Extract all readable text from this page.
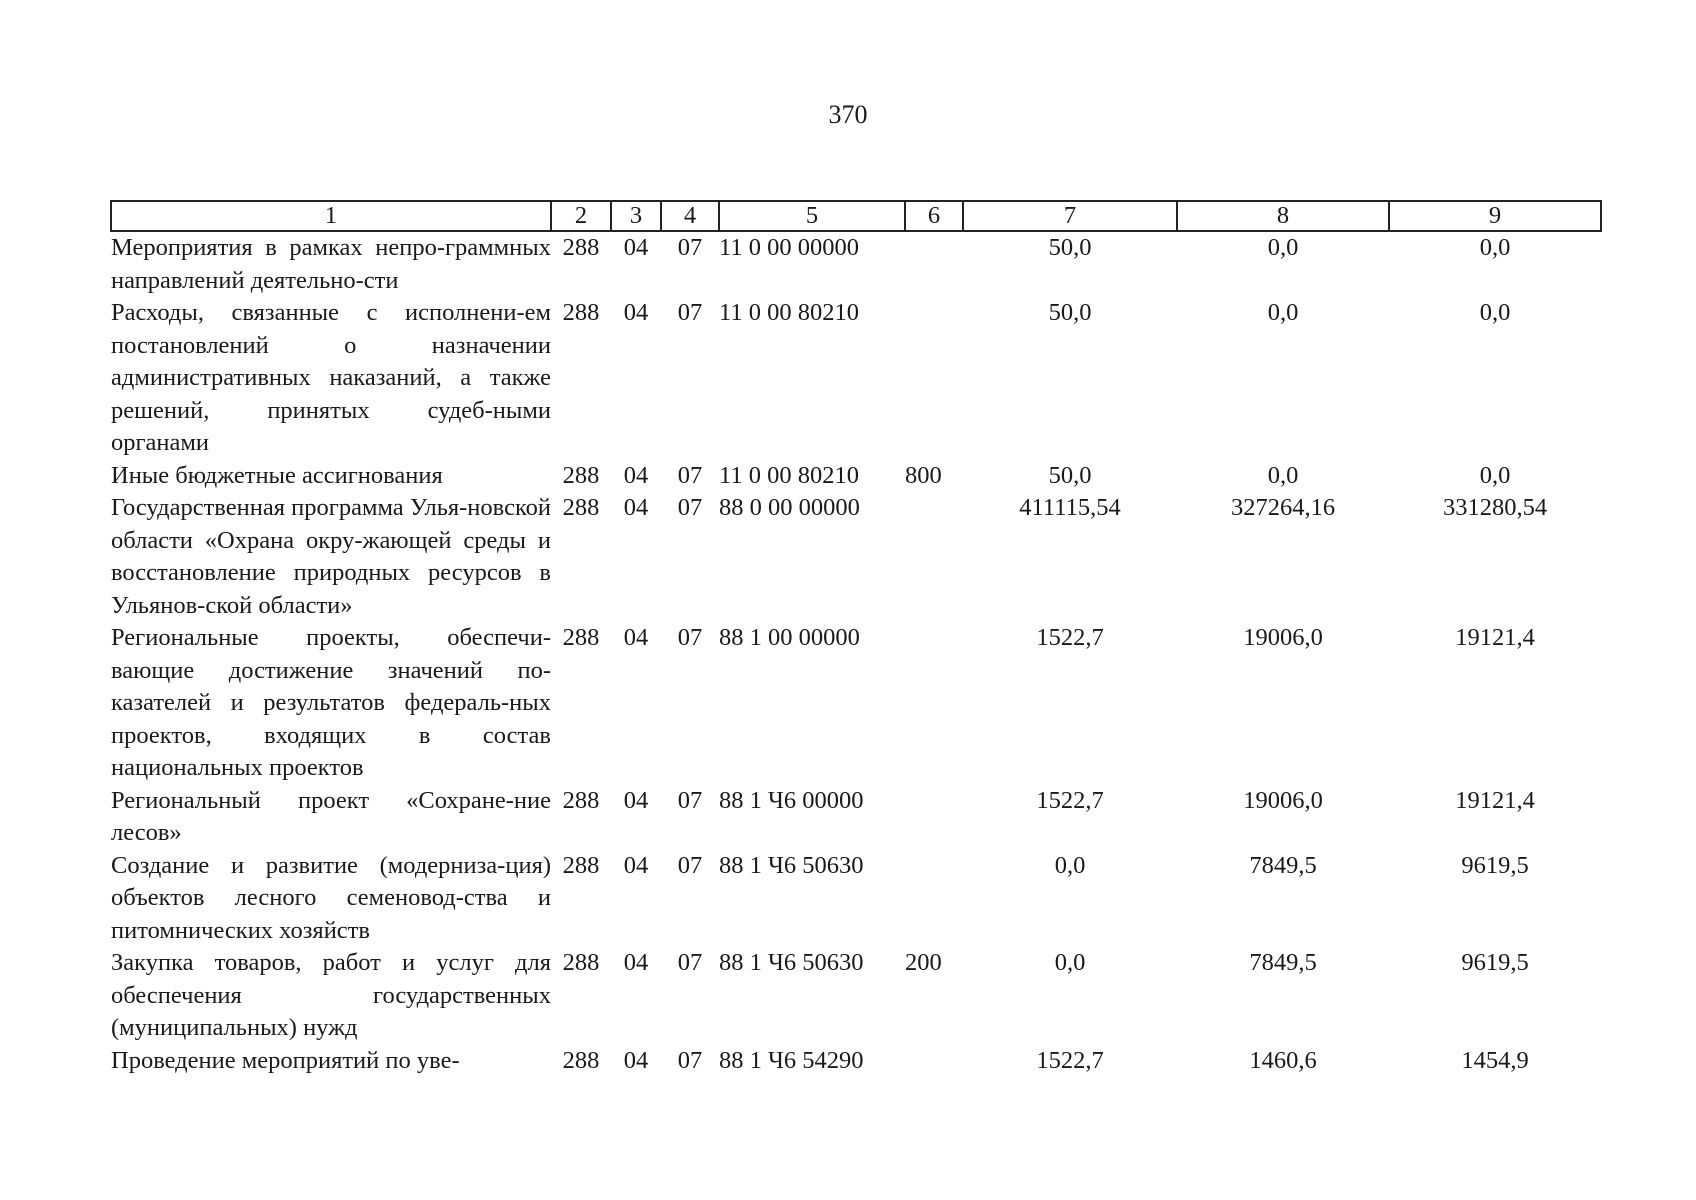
370
1	2	3	4	5	6	7	8	9
Мероприятия в рамках непро-граммных направлений деятельно-сти	288	04	07	11 0 00 00000		50,0	0,0	0,0
Расходы, связанные с исполнени-ем постановлений о назначении административных наказаний, а также решений, принятых судеб-ными органами	288	04	07	11 0 00 80210		50,0	0,0	0,0
Иные бюджетные ассигнования	288	04	07	11 0 00 80210	800	50,0	0,0	0,0
Государственная программа Улья-новской области «Охрана окру-жающей среды и восстановление природных ресурсов в Ульянов-ской области»	288	04	07	88 0 00 00000		411115,54	327264,16	331280,54
Региональные проекты, обеспечи-вающие достижение значений по-казателей и результатов федераль-ных проектов, входящих в состав национальных проектов	288	04	07	88 1 00 00000		1522,7	19006,0	19121,4
Региональный проект «Сохране-ние лесов»	288	04	07	88 1 Ч6 00000		1522,7	19006,0	19121,4
Создание и развитие (модерниза-ция) объектов лесного семеновод-ства и питомнических хозяйств	288	04	07	88 1 Ч6 50630		0,0	7849,5	9619,5
Закупка товаров, работ и услуг для обеспечения государственных (муниципальных) нужд	288	04	07	88 1 Ч6 50630	200	0,0	7849,5	9619,5
Проведение мероприятий по уве-	288	04	07	88 1 Ч6 54290		1522,7	1460,6	1454,9
